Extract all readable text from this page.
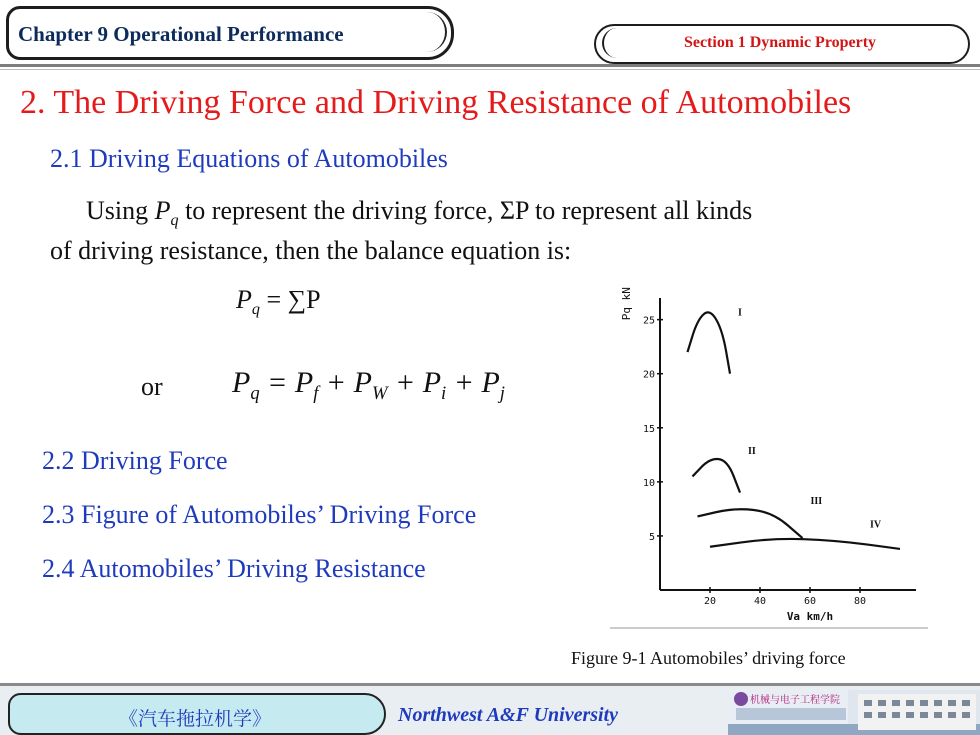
Chapter 9 Operational Performance	Section 1 Dynamic Property
2. The Driving Force and Driving Resistance of Automobiles
2.1 Driving Equations of Automobiles
Using $P_q$ to represent the driving force, ΣP to represent all kinds
of driving resistance, then the balance equation is:
$P_q = \sum P$
or $P_q = P_f + P_W + P_i + P_j$
2.2 Driving Force
2.3 Figure of Automobiles’ Driving Force
2.4 Automobiles’ Driving Resistance
5
10
15
20
25
20	40	60	80
Pq kN
Va km/h
I
II
III
IV
Figure 9-1 Automobiles’ driving force
《汽车拖拉机学》	Northwest A&F University
机械与电子工程学院
